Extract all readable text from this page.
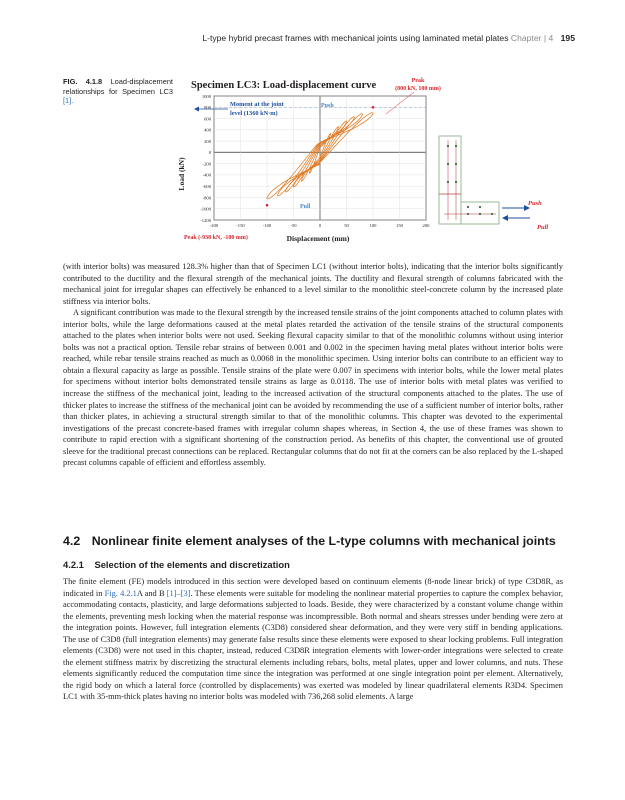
L-type hybrid precast frames with mechanical joints using laminated metal plates Chapter | 4 195
FIG. 4.1.8 Load-displacement relationships for Specimen LC3 [1].
Specimen LC3: Load-displacement curve	Peak
(800 kN, 100 mm)
1000
800
600
400
200
0
-200
-400
-600
-800
-1000
-1200
-200	-150	-100	-50	0	50	100	150	200
Load (kN)
Displacement (mm)
Moment at the joint
level (1360 kN·m)
Push
Pull
Peak (-938 kN, -100 mm)
Push
Pull

(with interior bolts) was measured 128.3% higher than that of Specimen LC1 (without interior bolts), indicating that the interior bolts significantly contributed to the ductility and the flexural strength of the mechanical joints. The ductility and flexural strength of columns fabricated with the mechanical joint for irregular shapes can effectively be enhanced to a level similar to the monolithic steel-concrete column by the increased plate stiffness via interior bolts.

A significant contribution was made to the flexural strength by the increased tensile strains of the joint components attached to column plates with interior bolts, while the large deformations caused at the metal plates retarded the activation of the tensile strains of the structural components attached to the plates when interior bolts were not used. Seeking flexural capacity similar to that of the monolithic columns without using interior bolts was not a practical option. Tensile rebar strains of between 0.001 and 0.002 in the specimen having metal plates without interior bolts were reached, while rebar tensile strains reached as much as 0.0068 in the monolithic specimen. Using interior bolts can contribute to an efficient way to obtain a flexural capacity as large as possible. Tensile strains of the plate were 0.007 in specimens with interior bolts, while the lower metal plates for specimens without interior bolts demonstrated tensile strains as large as 0.0118. The use of interior bolts with metal plates was verified to increase the stiffness of the mechanical joint, leading to the increased activation of the structural components attached to the plates. The use of thicker plates to increase the stiffness of the mechanical joint can be avoided by recommending the use of a sufficient number of interior bolts, rather than thicker plates, in achieving a structural strength similar to that of the monolithic columns. This chapter was devoted to the experimental investigations of the precast concrete-based frames with irregular column shapes whereas, in Section 4, the use of these frames was shown to contribute to rapid erection with a significant shortening of the construction period. As benefits of this chapter, the conventional use of grouted sleeve for the traditional precast connections can be replaced. Rectangular columns that do not fit at the corners can be also replaced by the L-shaped precast columns capable of efficient and effortless assembly.

4.2 Nonlinear finite element analyses of the L-type columns with mechanical joints
4.2.1 Selection of the elements and discretization

The finite element (FE) models introduced in this section were developed based on continuum elements (8-node linear brick) of type C3D8R, as indicated in Fig. 4.2.1A and B [1]–[3]. These elements were suitable for modeling the nonlinear material properties to capture the complex behavior, accommodating contacts, plasticity, and large deformations subjected to loads. Beside, they were characterized by a constant volume change within the elements, preventing mesh locking when the material response was incompressible. Both normal and shears stresses under bending were zero at the integration points. However, full integration elements (C3D8) considered shear deformation, and they were very stiff in bending applications. The use of C3D8 (full integration elements) may generate false results since these elements were exposed to shear locking problems. Full integration elements (C3D8) were not used in this chapter, instead, reduced C3D8R integration elements with lower-order integrations were selected to create the element stiffness matrix by discretizing the structural elements including rebars, bolts, metal plates, upper and lower columns, and nuts. These elements significantly reduced the computation time since the integration was performed at one single integration point per element. Alternatively, the rigid body on which a lateral force (controlled by displacements) was exerted was modeled by linear quadrilateral elements R3D4. Specimen LC1 with 35-mm-thick plates having no interior bolts was modeled with 736,268 solid elements. A large
